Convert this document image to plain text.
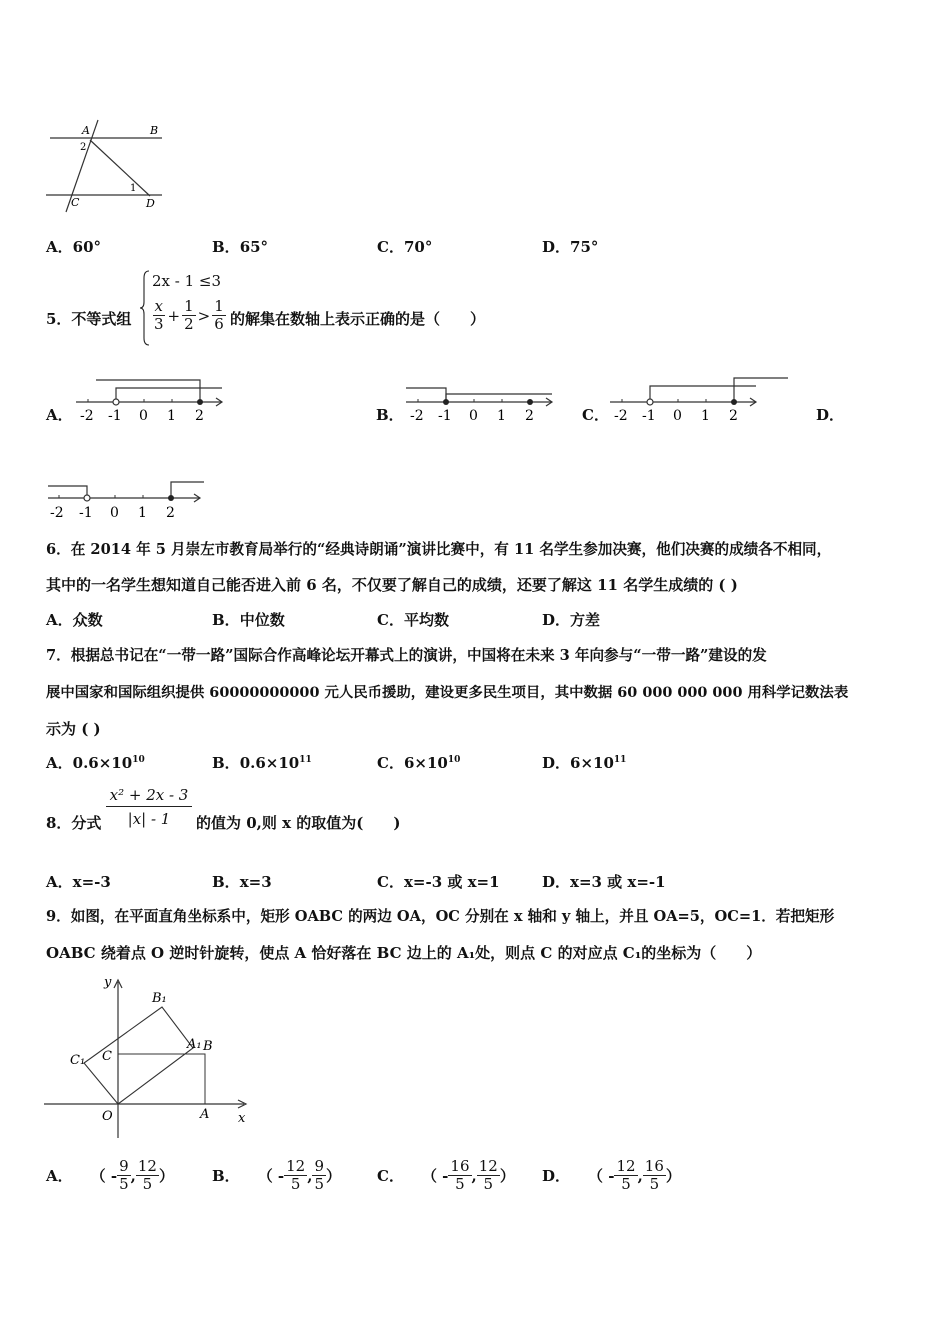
A	B
2
1
C	D
A．60°	B．65°	C．70°	D．75°
5．不等式组
2x - 1 ≤3
$\frac{x}{3} + \frac{1}{2} > \frac{1}{6}$ 的解集在数轴上表示正确的是（　　）
A． -2 -1 0 1 2	B． -2 -1 0 1 2	C． -2 -1 0 1 2	D．
-2 -1 0 1 2
6．在 2014 年 5 月崇左市教育局举行的“经典诗朗诵”演讲比赛中，有 11 名学生参加决赛，他们决赛的成绩各不相同，
其中的一名学生想知道自己能否进入前 6 名，不仅要了解自己的成绩，还要了解这 11 名学生成绩的 ( )
A．众数	B．中位数	C．平均数	D．方差
7．根据总书记在“一带一路”国际合作高峰论坛开幕式上的演讲，中国将在未来 3 年向参与“一带一路”建设的发
展中国家和国际组织提供 60000000000 元人民币援助，建设更多民生项目，其中数据 60 000 000 000 用科学记数法表
示为 ( )
A．$0.6\times 10^{10}$	B．$0.6\times 10^{11}$	C．$6\times 10^{10}$	D．$6\times 10^{11}$
8．分式 $\frac{\text{x² + 2x - 3}}{|x| - 1}$ 的值为 0,则 x 的取值为(　　)
A．x=-3	B．x=3	C．x=-3 或 x=1	D．x=3 或 x=-1
9．如图，在平面直角坐标系中，矩形 OABC 的两边 OA，OC 分别在 x 轴和 y 轴上，并且 OA=5，OC=1．若把矩形
OABC 绕着点 O 逆时针旋转，使点 A 恰好落在 BC 边上的 A₁处，则点 C 的对应点 C₁的坐标为（　　）
y
x
O	A
C
A₁ B
B₁
C₁
A． （ - $\frac{9}{5}$ , $\frac{12}{5}$ ）	B． （ - $\frac{12}{5}$ , $\frac{9}{5}$ ） C． （ - $\frac{16}{5}$ , $\frac{12}{5}$ ） D． （ - $\frac{12}{5}$ , $\frac{16}{5}$ ）
